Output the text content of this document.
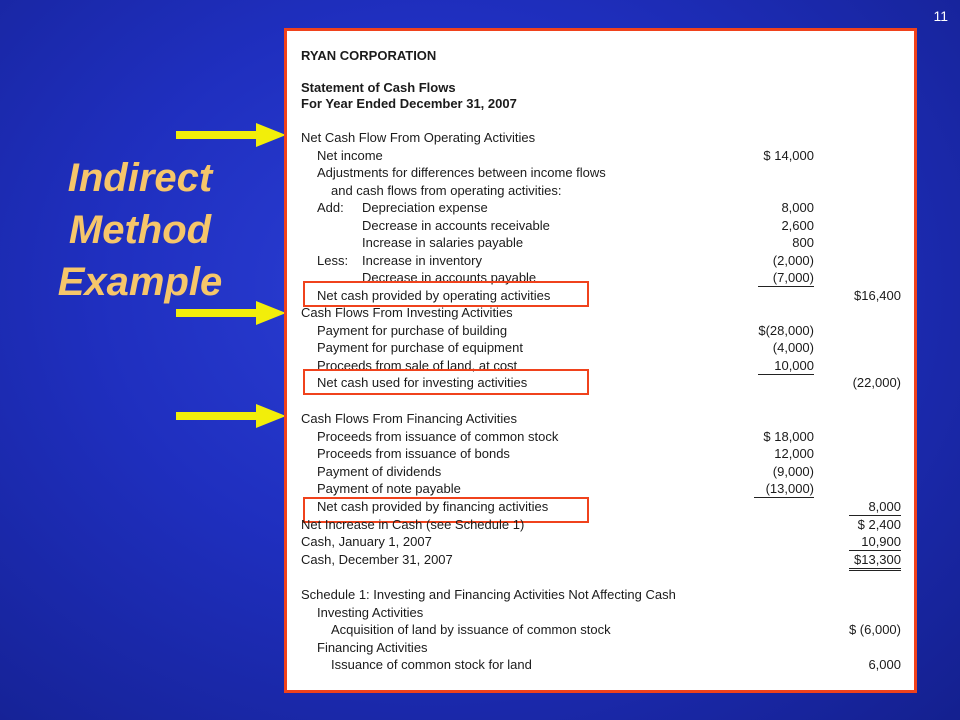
11
Indirect
Method
Example
RYAN CORPORATION
Statement of Cash Flows
For Year Ended December 31, 2007
Net Cash Flow From Operating Activities
Net income	$ 14,000
Adjustments for differences between income flows
and cash flows from operating activities:
Add: Depreciation expense	8,000
Decrease in accounts receivable	2,600
Increase in salaries payable	800
Less: Increase in inventory	(2,000)
Decrease in accounts payable	(7,000)
Net cash provided by operating activities	$16,400
Cash Flows From Investing Activities
Payment for purchase of building	$(28,000)
Payment for purchase of equipment	(4,000)
Proceeds from sale of land, at cost	10,000
Net cash used for investing activities	(22,000)
Cash Flows From Financing Activities
Proceeds from issuance of common stock	$ 18,000
Proceeds from issuance of bonds	12,000
Payment of dividends	(9,000)
Payment of note payable	(13,000)
Net cash provided by financing activities	8,000
Net Increase in Cash (see Schedule 1)	$ 2,400
Cash, January 1, 2007	10,900
Cash, December 31, 2007	$13,300
Schedule 1: Investing and Financing Activities Not Affecting Cash
Investing Activities
Acquisition of land by issuance of common stock	$ (6,000)
Financing Activities
Issuance of common stock for land	6,000
